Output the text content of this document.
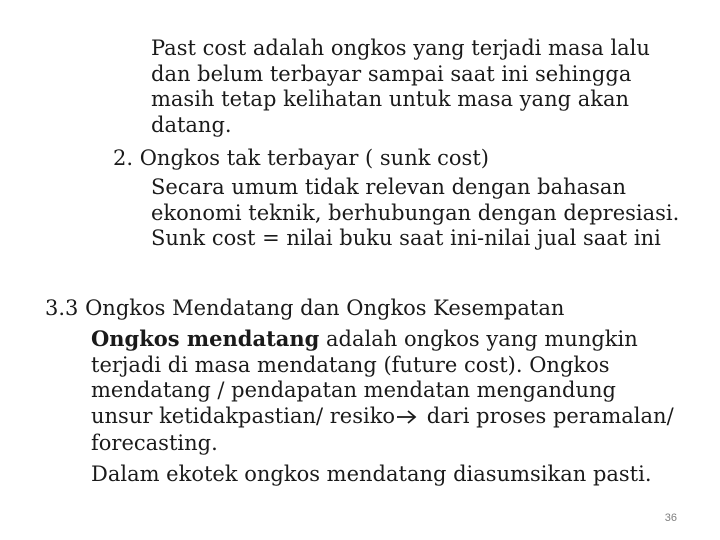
Past cost adalah ongkos yang terjadi masa lalu
dan belum terbayar sampai saat ini sehingga
masih tetap kelihatan untuk masa yang akan
datang.
2. Ongkos tak terbayar ( sunk cost)
Secara umum tidak relevan dengan bahasan
ekonomi teknik, berhubungan dengan depresiasi.
Sunk cost = nilai buku saat ini-nilai jual saat ini
3.3 Ongkos Mendatang dan Ongkos Kesempatan
Ongkos mendatang adalah ongkos yang mungkin
terjadi di masa mendatang (future cost). Ongkos
mendatang / pendapatan mendatan mengandung
unsur ketidakpastian/ resiko dari proses peramalan/
forecasting.
Dalam ekotek ongkos mendatang diasumsikan pasti.
36
